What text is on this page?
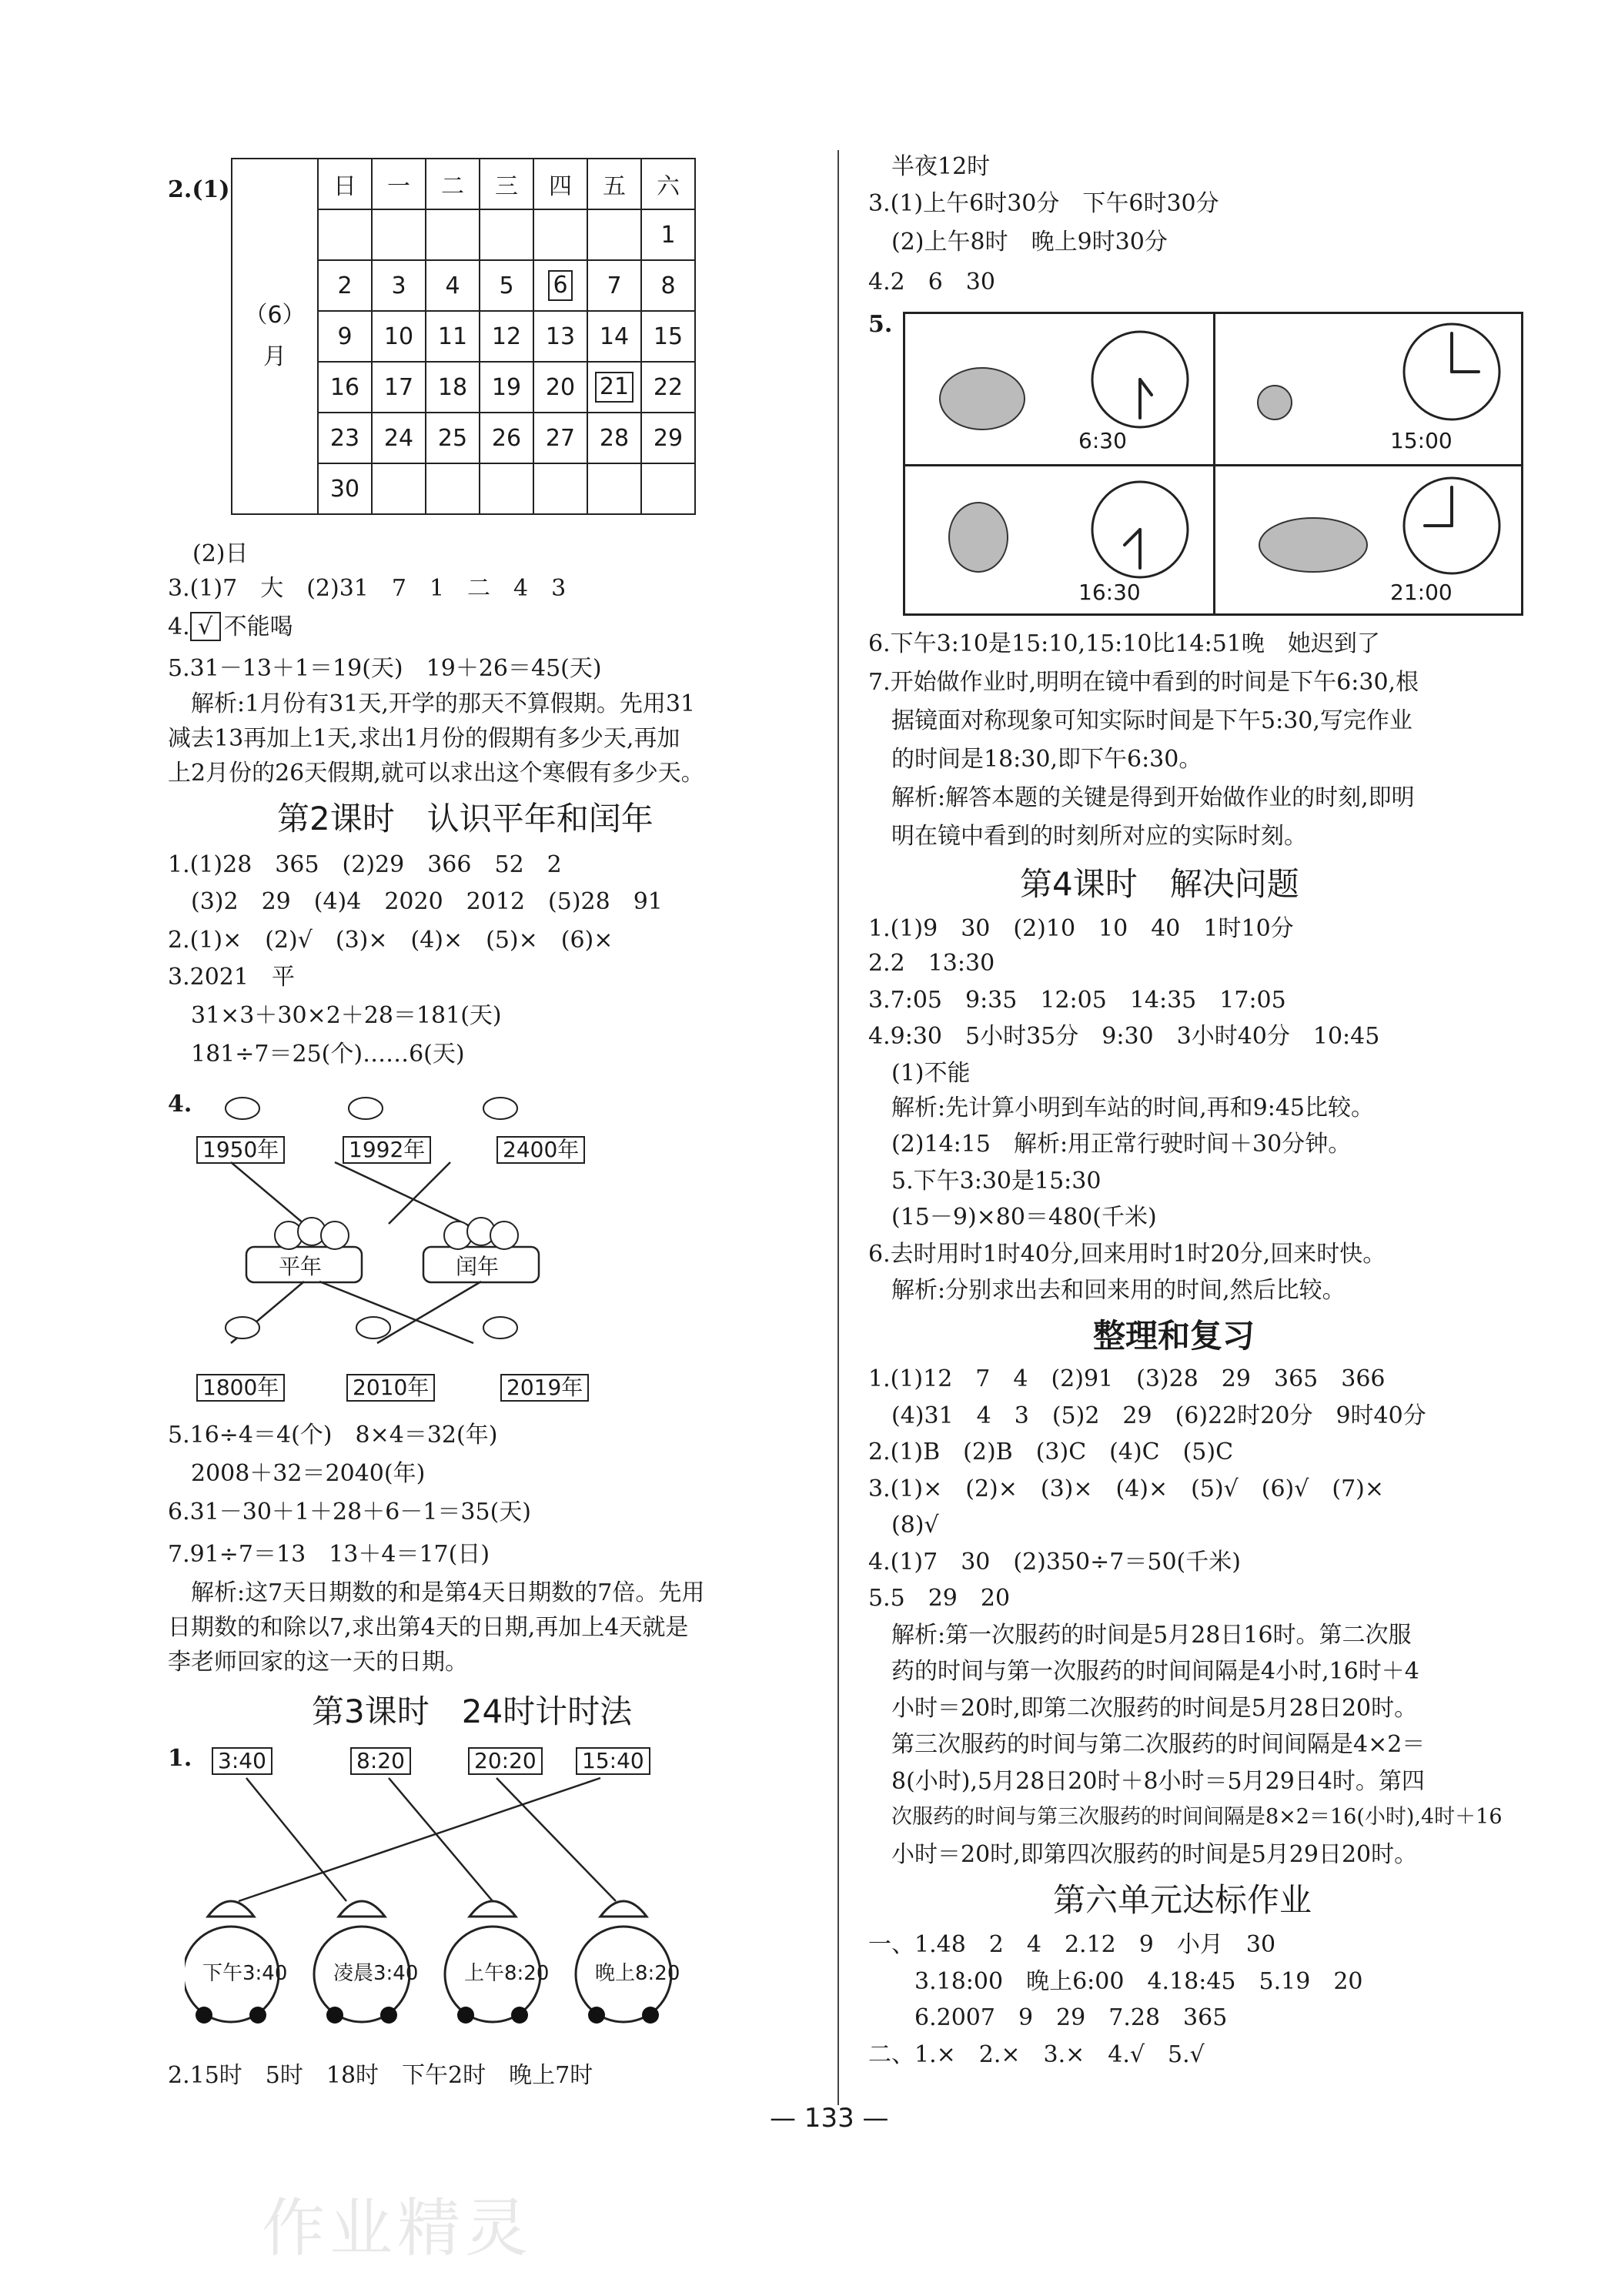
2.(1)
（6）
月	日	一	二	三	四	五	六
							1
	2	3	4	5	6	7	8
	9	10	11	12	13	14	15
	16	17	18	19	20	21	22
	23	24	25	26	27	28	29
	30						
(2)日
3.(1)7　大　(2)31　7　1　二　4　3
4. √ 不能喝
5.31－13＋1＝19(天)　19＋26＝45(天)
解析:1月份有31天,开学的那天不算假期。先用31
减去13再加上1天,求出1月份的假期有多少天,再加
上2月份的26天假期,就可以求出这个寒假有多少天。
第2课时　认识平年和闰年
1.(1)28　365　(2)29　366　52　2
(3)2　29　(4)4　2020　2012　(5)28　91
2.(1)×　(2)√　(3)×　(4)×　(5)×　(6)×
3.2021　平
31×3＋30×2＋28＝181(天)
181÷7＝25(个)……6(天)
4.
1950年	1992年	2400年
平年	闰年
1800年	2010年	2019年
5.16÷4＝4(个)　8×4＝32(年)
2008＋32＝2040(年)
6.31－30＋1＋28＋6－1＝35(天)
7.91÷7＝13　13＋4＝17(日)
解析:这7天日期数的和是第4天日期数的7倍。先用
日期数的和除以7,求出第4天的日期,再加上4天就是
李老师回家的这一天的日期。
第3课时　24时计时法
1. 3:40	8:20	20:20 15:40
下午3:40 凌晨3:40 上午8:20 晚上8:20
2.15时　5时　18时　下午2时　晚上7时
半夜12时
3.(1)上午6时30分　下午6时30分
(2)上午8时　晚上9时30分
4.2　6　30
5.
6:30	15:00
16:30	21:00
6.下午3:10是15:10,15:10比14:51晚　她迟到了
7.开始做作业时,明明在镜中看到的时间是下午6:30,根
据镜面对称现象可知实际时间是下午5:30,写完作业
的时间是18:30,即下午6:30。
解析:解答本题的关键是得到开始做作业的时刻,即明
明在镜中看到的时刻所对应的实际时刻。
第4课时　解决问题
1.(1)9　30　(2)10　10　40　1时10分
2.2　13:30
3.7:05　9:35　12:05　14:35　17:05
4.9:30　5小时35分　9:30　3小时40分　10:45
(1)不能
解析:先计算小明到车站的时间,再和9:45比较。
(2)14:15　解析:用正常行驶时间＋30分钟。
5.下午3:30是15:30
(15－9)×80＝480(千米)
6.去时用时1时40分,回来用时1时20分,回来时快。
解析:分别求出去和回来用的时间,然后比较。
整理和复习
1.(1)12　7　4　(2)91　(3)28　29　365　366
(4)31　4　3　(5)2　29　(6)22时20分　9时40分
2.(1)B　(2)B　(3)C　(4)C　(5)C
3.(1)×　(2)×　(3)×　(4)×　(5)√　(6)√　(7)×
(8)√
4.(1)7　30　(2)350÷7＝50(千米)
5.5　29　20
解析:第一次服药的时间是5月28日16时。第二次服
药的时间与第一次服药的时间间隔是4小时,16时＋4
小时＝20时,即第二次服药的时间是5月28日20时。
第三次服药的时间与第二次服药的时间间隔是4×2＝
8(小时),5月28日20时＋8小时＝5月29日4时。第四
次服药的时间与第三次服药的时间间隔是8×2＝16(小时),4时＋16
小时＝20时,即第四次服药的时间是5月29日20时。
第六单元达标作业
一、1.48　2　4　2.12　9　小月　30
3.18:00　晚上6:00　4.18:45　5.19　20
6.2007　9　29　7.28　365
二、1.×　2.×　3.×　4.√　5.√
— 133 —
作业精灵
